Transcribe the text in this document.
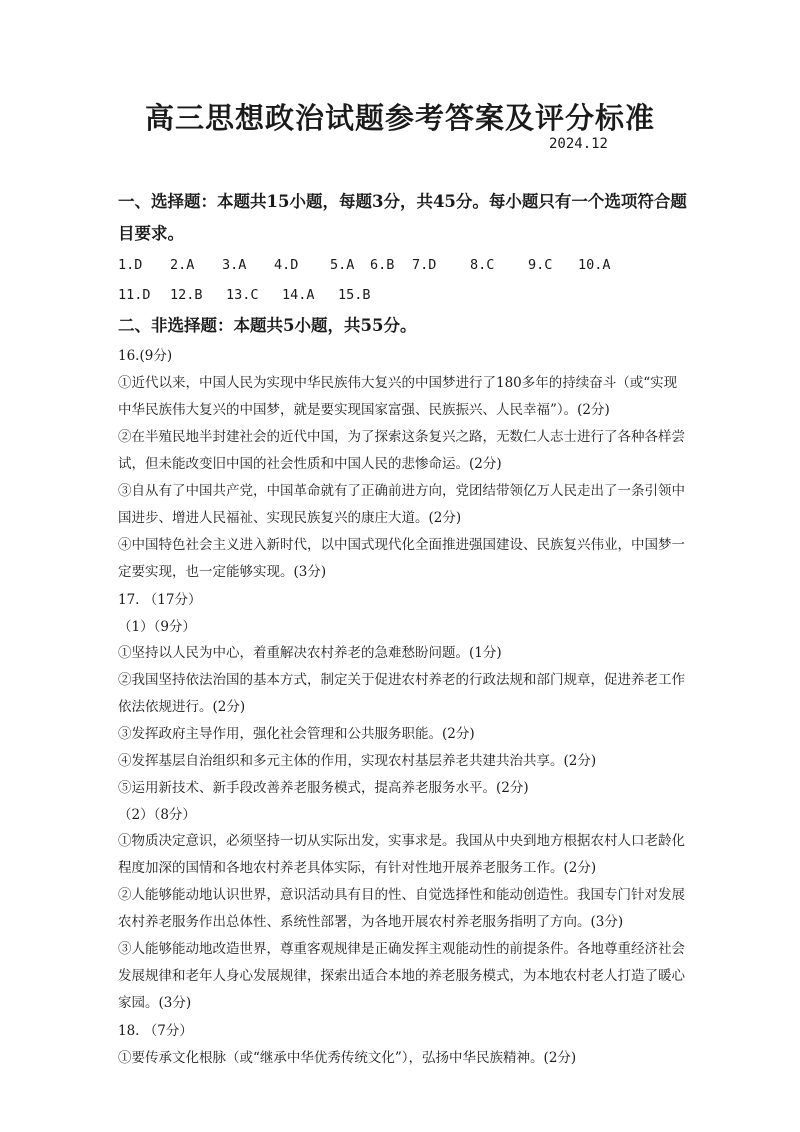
高三思想政治试题参考答案及评分标准
2024.12

一、选择题：本题共15小题，每题3分，共45分。每小题只有一个选项符合题目要求。

1.D	2.A	3.A	4.D	5.A	6.B	7.D	8.C	9.C	10.A
11.D	12.B	13.C	14.A	15.B

二、非选择题：本题共5小题，共55分。

16.(9分)

①近代以来，中国人民为实现中华民族伟大复兴的中国梦进行了180多年的持续奋斗（或“实现中华民族伟大复兴的中国梦，就是要实现国家富强、民族振兴、人民幸福”）。(2分)

②在半殖民地半封建社会的近代中国，为了探索这条复兴之路，无数仁人志士进行了各种各样尝试，但未能改变旧中国的社会性质和中国人民的悲惨命运。(2分)

③自从有了中国共产党，中国革命就有了正确前进方向，党团结带领亿万人民走出了一条引领中国进步、增进人民福祉、实现民族复兴的康庄大道。(2分)

④中国特色社会主义进入新时代，以中国式现代化全面推进强国建设、民族复兴伟业，中国梦一定要实现，也一定能够实现。(3分)

17. （17分）

（1）（9分）

①坚持以人民为中心，着重解决农村养老的急难愁盼问题。(1分)

②我国坚持依法治国的基本方式，制定关于促进农村养老的行政法规和部门规章，促进养老工作依法依规进行。(2分)

③发挥政府主导作用，强化社会管理和公共服务职能。(2分)

④发挥基层自治组织和多元主体的作用，实现农村基层养老共建共治共享。(2分)

⑤运用新技术、新手段改善养老服务模式，提高养老服务水平。(2分)

（2）（8分）

①物质决定意识，必须坚持一切从实际出发，实事求是。我国从中央到地方根据农村人口老龄化程度加深的国情和各地农村养老具体实际，有针对性地开展养老服务工作。(2分)

②人能够能动地认识世界，意识活动具有目的性、自觉选择性和能动创造性。我国专门针对发展农村养老服务作出总体性、系统性部署，为各地开展农村养老服务指明了方向。(3分)

③人能够能动地改造世界，尊重客观规律是正确发挥主观能动性的前提条件。各地尊重经济社会发展规律和老年人身心发展规律，探索出适合本地的养老服务模式，为本地农村老人打造了暖心家园。(3分)

18. （7分）

①要传承文化根脉（或“继承中华优秀传统文化”），弘扬中华民族精神。(2分)
